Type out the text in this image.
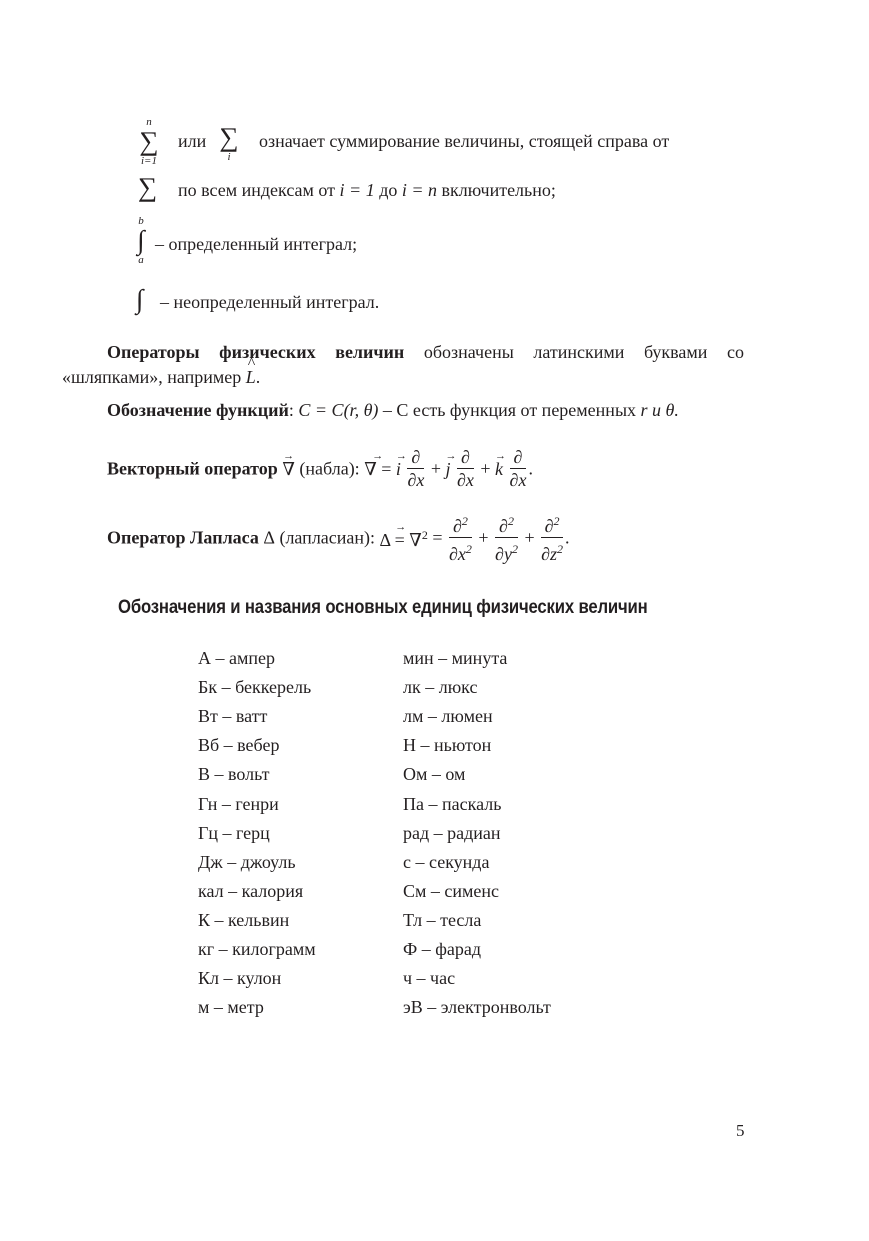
n
∑
i=1
или ∑
i
означает суммирование величины, стоящей справа от
∑ по всем индексам от i = 1 до i = n включительно;
b
∫
a
– определенный интеграл;
∫ – неопределенный интеграл.
Операторы физических величин обозначены латинскими буквами со «шляпками», например ^ L.
Обозначение функций: C = C(r, θ) – C есть функция от переменных r и θ.
Векторный оператор → ∇ (набла): → ∇ = → i $\frac{\partial}{\partial x}$ + → j $\frac{\partial}{\partial x}$ + → k $\frac{\partial}{\partial x}$ .
Оператор Лапласа Δ (лапласиан): → $\Delta = \nabla^2 = \frac{\partial^2}{\partial x^2} + \frac{\partial^2}{\partial y^2} + \frac{\partial^2}{\partial z^2}$ .
Обозначения и названия основных единиц физических величин
А – ампер
Бк – беккерель
Вт – ватт
Вб – вебер
В – вольт
Гн – генри
Гц – герц
Дж – джоуль
кал – калория
К – кельвин
кг – килограмм
Кл – кулон
м – метр
мин – минута
лк – люкс
лм – люмен
Н – ньютон
Ом – ом
Па – паскаль
рад – радиан
с – секунда
См – сименс
Тл – тесла
Ф – фарад
ч – час
эВ – электронвольт
5
